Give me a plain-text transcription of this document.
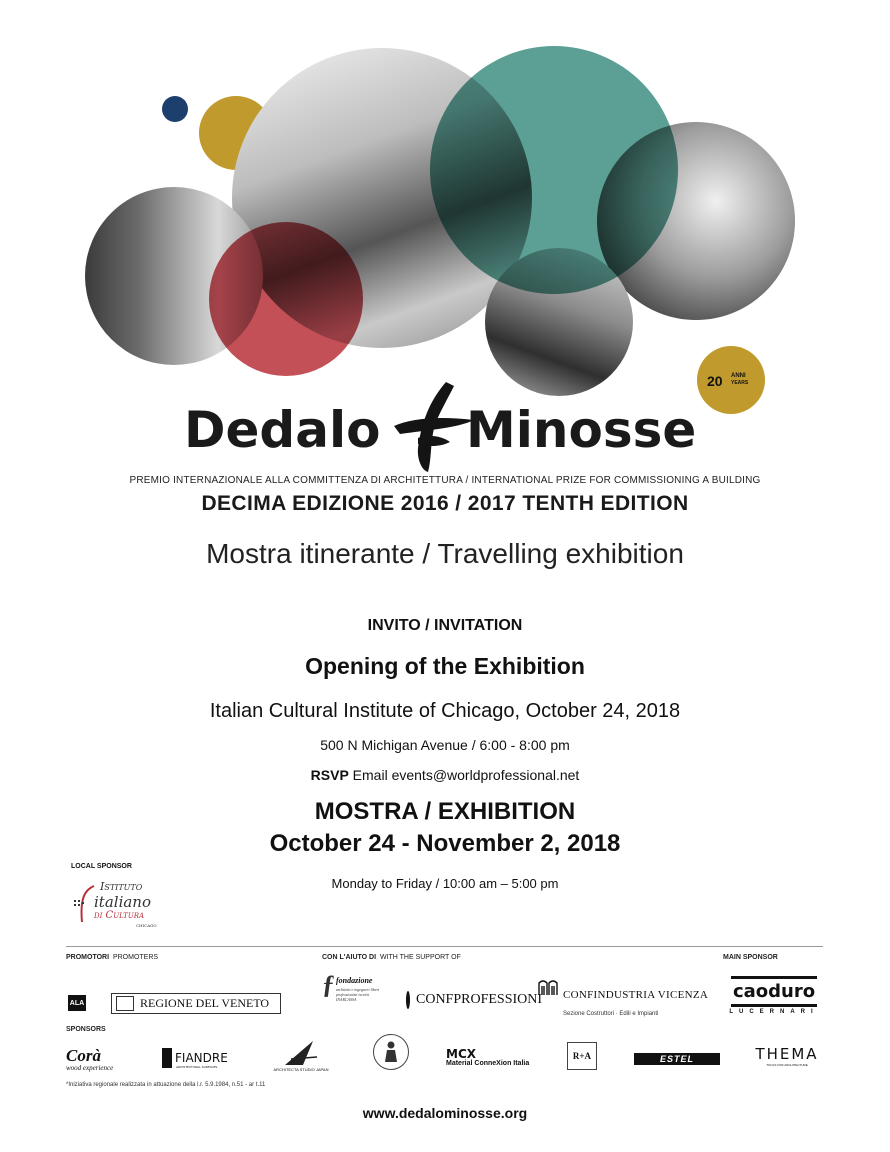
20 ANNI
YEARS
Dedalo Minosse
PREMIO INTERNAZIONALE ALLA COMMITTENZA DI ARCHITETTURA / INTERNATIONAL PRIZE FOR COMMISSIONING A BUILDING
DECIMA EDIZIONE 2016 / 2017 TENTH EDITION
Mostra itinerante / Travelling exhibition
INVITO / INVITATION
Opening of the Exhibition
Italian Cultural Institute of Chicago, October 24, 2018
500 N Michigan Avenue / 6:00 - 8:00 pm
RSVP Email events@worldprofessional.net
MOSTRA / EXHIBITION
October 24 - November 2, 2018
Monday to Friday / 10:00 am – 5:00 pm
LOCAL SPONSOR
Istituto
italiano
di Cultura
CHICAGO
PROMOTORI PROMOTERS	CON L'AIUTO DI WITH THE SUPPORT OF	MAIN SPONSOR
SPONSORS
ALA	REGIONE DEL VENETO
ƒ fondazione
architetti e ingegneri liberi professionisti iscritti INARCASSA	CONFPROFESSIONI CONFINDUSTRIA VICENZA
Sezione Costruttori · Edili e Impianti
caoduro
LUCERNARI
Corà
wood experience
FIANDRE
ARCHITECTURAL SURFACES	ARCHITECTA STUDIO JAPAN
MCX
Material ConneXion Italia
R+A	ESTEL	THEMA
TOOLS FOR ARCHITECTURE
*Iniziativa regionale realizzata in attuazione della l.r. 5.9.1984, n.51 - ar t.11
www.dedalominosse.org
